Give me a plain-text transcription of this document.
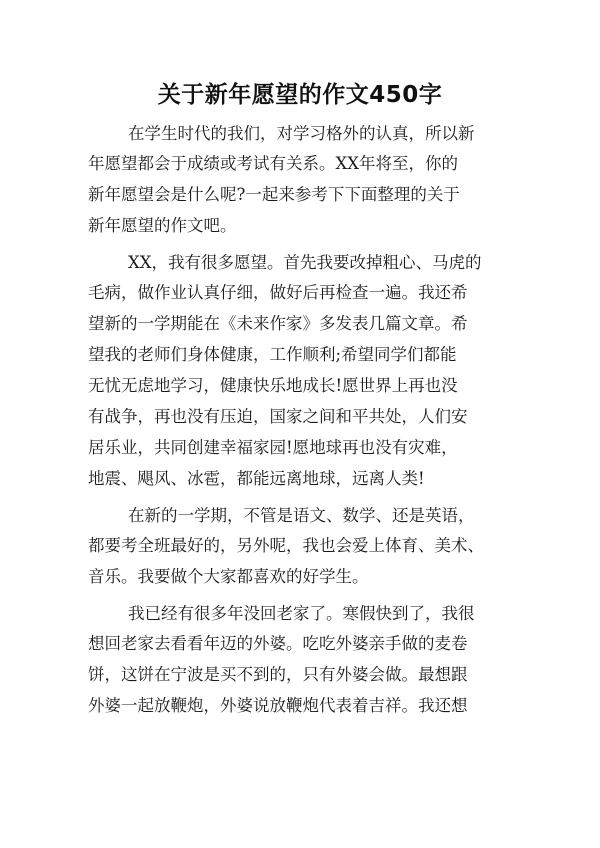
关于新年愿望的作文450字
在学生时代的我们，对学习格外的认真，所以新
年愿望都会于成绩或考试有关系。XX年将至，你的
新年愿望会是什么呢?一起来参考下下面整理的关于
新年愿望的作文吧。
XX，我有很多愿望。首先我要改掉粗心、马虎的
毛病，做作业认真仔细，做好后再检查一遍。我还希
望新的一学期能在《未来作家》多发表几篇文章。希
望我的老师们身体健康，工作顺利;希望同学们都能
无忧无虑地学习，健康快乐地成长!愿世界上再也没
有战争，再也没有压迫，国家之间和平共处，人们安
居乐业，共同创建幸福家园!愿地球再也没有灾难，
地震、飓风、冰雹，都能远离地球，远离人类!
在新的一学期，不管是语文、数学、还是英语，
都要考全班最好的，另外呢，我也会爱上体育、美术、
音乐。我要做个大家都喜欢的好学生。
我已经有很多年没回老家了。寒假快到了，我很
想回老家去看看年迈的外婆。吃吃外婆亲手做的麦卷
饼，这饼在宁波是买不到的，只有外婆会做。最想跟
外婆一起放鞭炮，外婆说放鞭炮代表着吉祥。我还想
